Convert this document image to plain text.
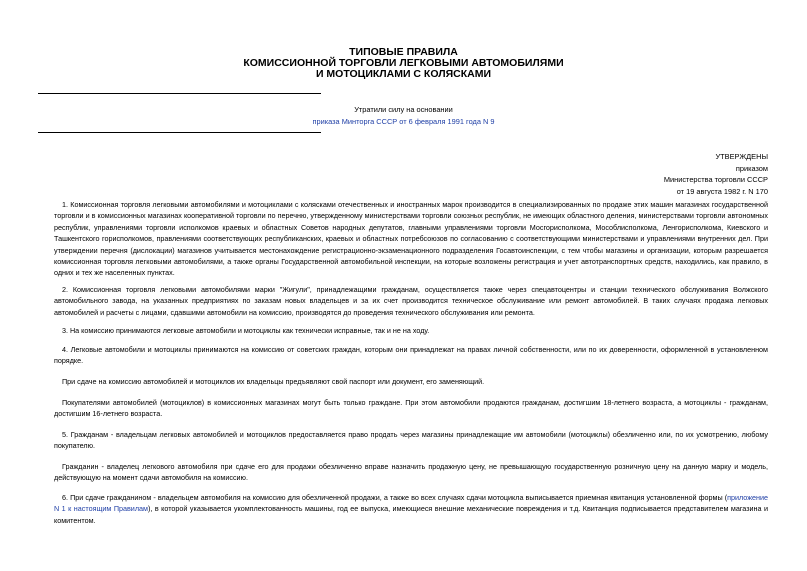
ТИПОВЫЕ ПРАВИЛА
КОМИССИОННОЙ ТОРГОВЛИ ЛЕГКОВЫМИ АВТОМОБИЛЯМИ
И МОТОЦИКЛАМИ С КОЛЯСКАМИ
Утратили силу на основании
приказа Минторга СССР от 6 февраля 1991 года N 9
УТВЕРЖДЕНЫ
приказом
Министерства торговли СССР
от 19 августа 1982 г. N 170

1. Комиссионная торговля легковыми автомобилями и мотоциклами с колясками отечественных и иностранных марок производится в специализированных по продаже этих машин магазинах государственной торговли и в комиссионных магазинах кооперативной торговли по перечню, утвержденному министерствами торговли союзных республик, не имеющих областного деления, министерствами торговли автономных республик, управлениями торговли исполкомов краевых и областных Советов народных депутатов, главными управлениями торговли Мосгорисполкома, Мособлисполкома, Ленгорисполкома, Киевского и Ташкентского горисполкомов, правлениями соответствующих республиканских, краевых и областных потребсоюзов по согласованию с соответствующими министерствами и управлениями внутренних дел. При утверждении перечня (дислокации) магазинов учитывается местонахождение регистрационно-экзаменационного подразделения Госавтоинспекции, с тем чтобы магазины и организации, которым разрешается комиссионная торговля легковыми автомобилями, а также органы Государственной автомобильной инспекции, на которые возложены регистрация и учет автотранспортных средств, находились, как правило, в одних и тех же населенных пунктах.

2. Комиссионная торговля легковыми автомобилями марки "Жигули", принадлежащими гражданам, осуществляется также через спецавтоцентры и станции технического обслуживания Волжского автомобильного завода, на указанных предприятиях по заказам новых владельцев и за их счет производится техническое обслуживание или ремонт автомобилей. В таких случаях продажа легковых автомобилей и расчеты с лицами, сдавшими автомобили на комиссию, производятся до проведения технического обслуживания или ремонта.

3. На комиссию принимаются легковые автомобили и мотоциклы как технически исправные, так и не на ходу.

4. Легковые автомобили и мотоциклы принимаются на комиссию от советских граждан, которым они принадлежат на правах личной собственности, или по их доверенности, оформленной в установленном порядке.

При сдаче на комиссию автомобилей и мотоциклов их владельцы предъявляют свой паспорт или документ, его заменяющий.

Покупателями автомобилей (мотоциклов) в комиссионных магазинах могут быть только граждане. При этом автомобили продаются гражданам, достигшим 18-летнего возраста, а мотоциклы - гражданам, достигшим 16-летнего возраста.

5. Гражданам - владельцам легковых автомобилей и мотоциклов предоставляется право продать через магазины принадлежащие им автомобили (мотоциклы) обезличенно или, по их усмотрению, любому покупателю.

Гражданин - владелец легкового автомобиля при сдаче его для продажи обезличенно вправе назначить продажную цену, не превышающую государственную розничную цену на данную марку и модель, действующую на момент сдачи автомобиля на комиссию.

6. При сдаче гражданином - владельцем автомобиля на комиссию для обезличенной продажи, а также во всех случаях сдачи мотоцикла выписывается приемная квитанция установленной формы (приложение N 1 к настоящим Правилам), в которой указывается укомплектованность машины, год ее выпуска, имеющиеся внешние механические повреждения и т.д. Квитанция подписывается представителем магазина и комитентом.
